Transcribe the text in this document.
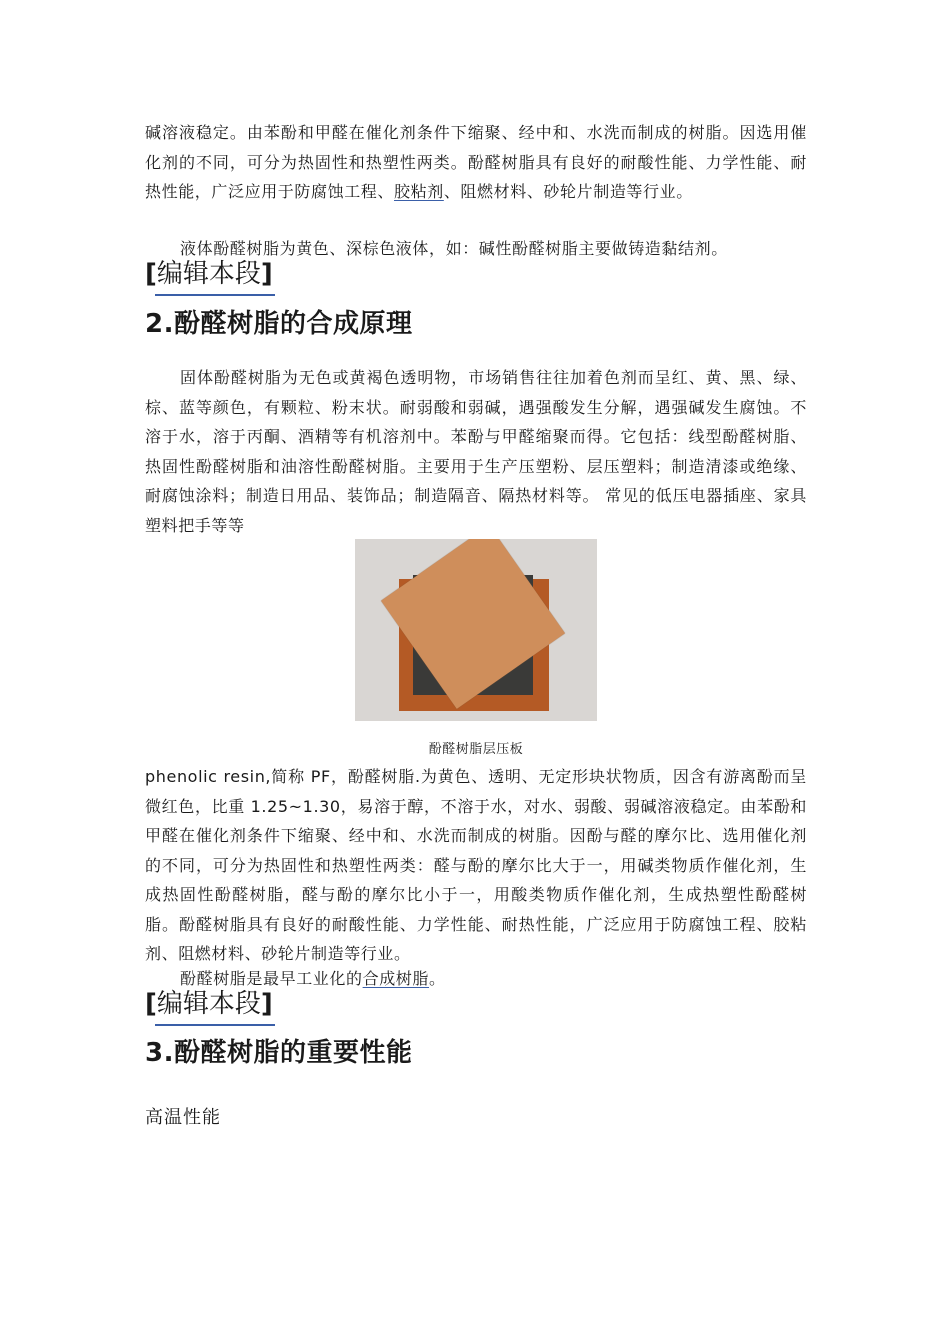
碱溶液稳定。由苯酚和甲醛在催化剂条件下缩聚、经中和、水洗而制成的树脂。因选用催化剂的不同，可分为热固性和热塑性两类。酚醛树脂具有良好的耐酸性能、力学性能、耐热性能，广泛应用于防腐蚀工程、胶粘剂、阻燃材料、砂轮片制造等行业。

液体酚醛树脂为黄色、深棕色液体，如：碱性酚醛树脂主要做铸造黏结剂。

[编辑本段]

2.酚醛树脂的合成原理

固体酚醛树脂为无色或黄褐色透明物，市场销售往往加着色剂而呈红、黄、黑、绿、棕、蓝等颜色，有颗粒、粉末状。耐弱酸和弱碱，遇强酸发生分解，遇强碱发生腐蚀。不溶于水，溶于丙酮、酒精等有机溶剂中。苯酚与甲醛缩聚而得。它包括：线型酚醛树脂、热固性酚醛树脂和油溶性酚醛树脂。主要用于生产压塑粉、层压塑料；制造清漆或绝缘、耐腐蚀涂料；制造日用品、装饰品；制造隔音、隔热材料等。 常见的低压电器插座、家具塑料把手等等

酚醛树脂层压板

phenolic resin,简称 PF，酚醛树脂.为黄色、透明、无定形块状物质，因含有游离酚而呈微红色，比重 1.25~1.30，易溶于醇，不溶于水，对水、弱酸、弱碱溶液稳定。由苯酚和甲醛在催化剂条件下缩聚、经中和、水洗而制成的树脂。因酚与醛的摩尔比、选用催化剂的不同，可分为热固性和热塑性两类：醛与酚的摩尔比大于一，用碱类物质作催化剂，生成热固性酚醛树脂，醛与酚的摩尔比小于一，用酸类物质作催化剂，生成热塑性酚醛树脂。酚醛树脂具有良好的耐酸性能、力学性能、耐热性能，广泛应用于防腐蚀工程、胶粘剂、阻燃材料、砂轮片制造等行业。

酚醛树脂是最早工业化的合成树脂。

[编辑本段]

3.酚醛树脂的重要性能

高温性能
